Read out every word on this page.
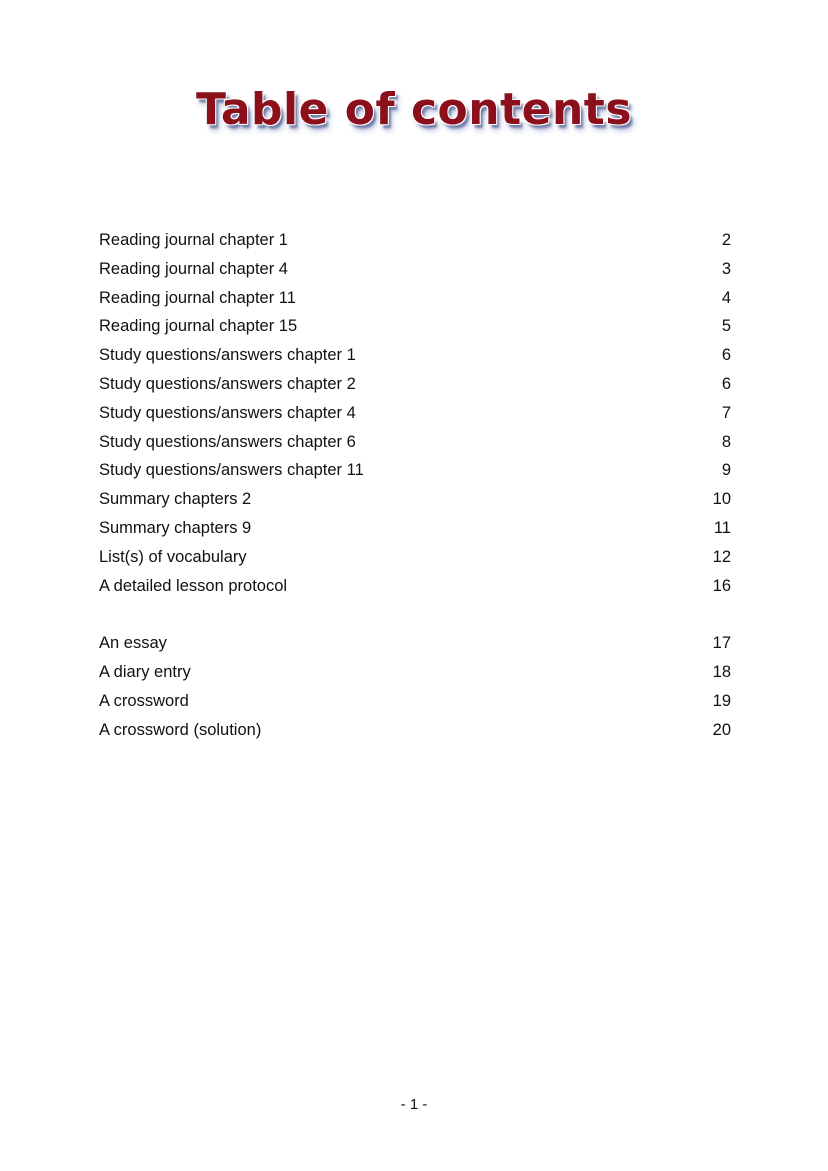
Table of contents
Reading journal chapter 1	2
Reading journal chapter 4	3
Reading journal chapter 11	4
Reading journal chapter 15	5
Study questions/answers chapter 1	6
Study questions/answers chapter 2	6
Study questions/answers chapter 4	7
Study questions/answers chapter 6	8
Study questions/answers chapter 11	9
Summary chapters 2	10
Summary chapters 9	11
List(s) of vocabulary	12
A detailed lesson protocol	16
An essay	17
A diary entry	18
A crossword	19
A crossword (solution)	20
- 1 -
